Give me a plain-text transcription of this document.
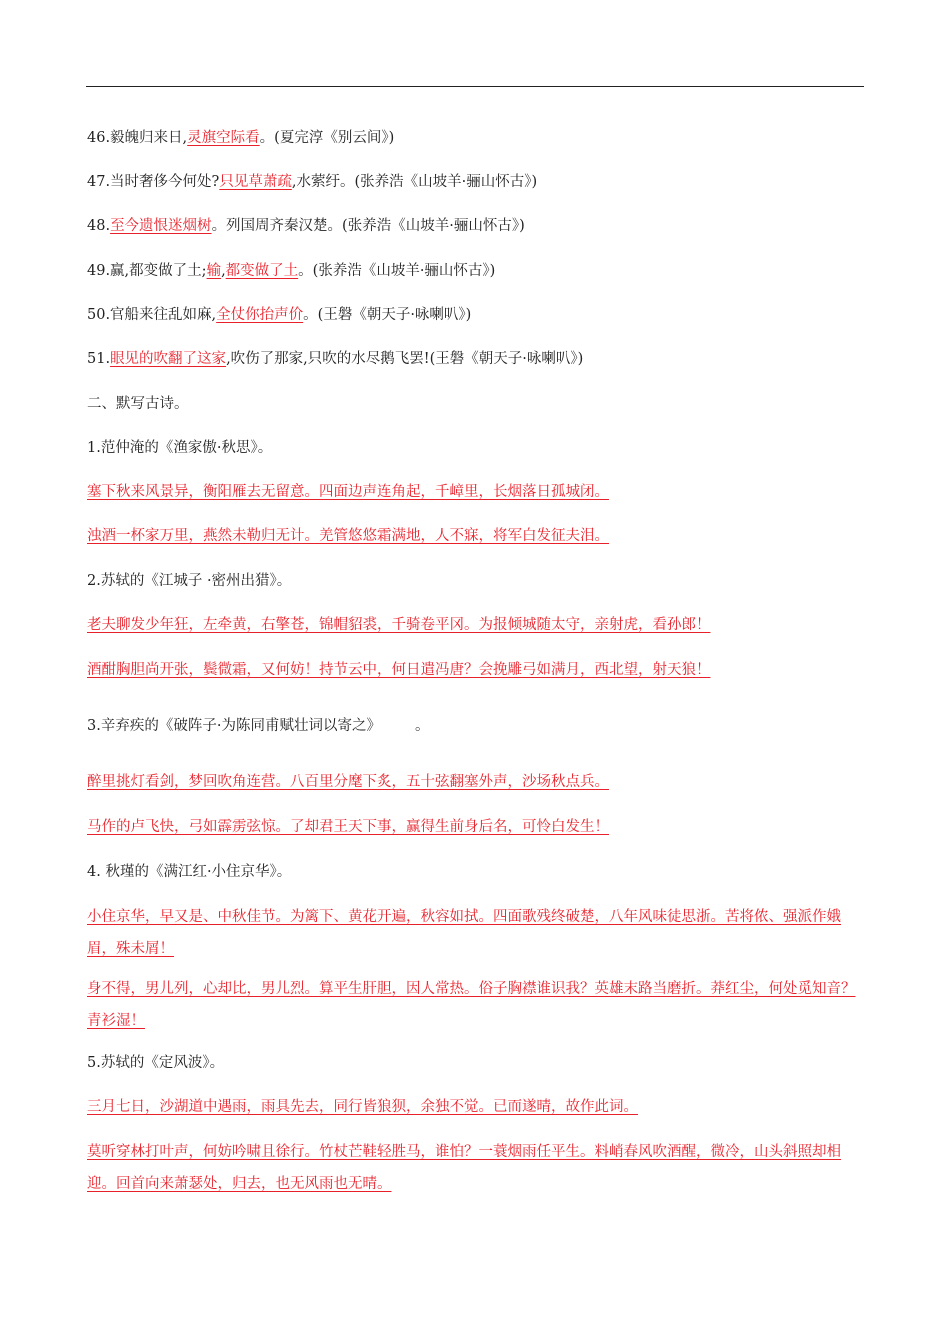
46.毅魄归来日,灵旗空际看。(夏完淳《别云间》)
47.当时奢侈今何处?只见草萧疏,水萦纡。(张养浩《山坡羊·骊山怀古》)
48.至今遗恨迷烟树。列国周齐秦汉楚。(张养浩《山坡羊·骊山怀古》)
49.赢,都变做了土;输,都变做了土。(张养浩《山坡羊·骊山怀古》)
50.官船来往乱如麻,全仗你抬声价。(王磐《朝天子·咏喇叭》)
51.眼见的吹翻了这家,吹伤了那家,只吹的水尽鹅飞罢!(王磐《朝天子·咏喇叭》)
二、默写古诗。
1.范仲淹的《渔家傲·秋思》。
塞下秋来风景异，衡阳雁去无留意。四面边声连角起，千嶂里，长烟落日孤城闭。
浊酒一杯家万里，燕然未勒归无计。羌管悠悠霜满地，人不寐，将军白发征夫泪。
2.苏轼的《江城子 ·密州出猎》。
老夫聊发少年狂，左牵黄，右擎苍，锦帽貂裘，千骑卷平冈。为报倾城随太守，亲射虎，看孙郎！
酒酣胸胆尚开张，鬓微霜，又何妨！持节云中，何日遣冯唐？会挽雕弓如满月，西北望，射天狼！
3.辛弃疾的《破阵子·为陈同甫赋壮词以寄之》 。
醉里挑灯看剑，梦回吹角连营。八百里分麾下炙，五十弦翻塞外声，沙场秋点兵。
马作的卢飞快，弓如霹雳弦惊。了却君王天下事，赢得生前身后名，可怜白发生！
4. 秋瑾的《满江红·小住京华》。
小住京华，早又是、中秋佳节。为篱下、黄花开遍，秋容如拭。四面歌残终破楚，八年风味徒思浙。苦将侬、强派作娥眉，殊未屑！
身不得，男儿列，心却比，男儿烈。算平生肝胆，因人常热。俗子胸襟谁识我？英雄末路当磨折。莽红尘，何处觅知音？青衫湿！
5.苏轼的《定风波》。
三月七日，沙湖道中遇雨，雨具先去，同行皆狼狈，余独不觉。已而遂晴，故作此词。
莫听穿林打叶声，何妨吟啸且徐行。竹杖芒鞋轻胜马，谁怕？一蓑烟雨任平生。料峭春风吹酒醒，微冷，山头斜照却相迎。回首向来萧瑟处，归去，也无风雨也无晴。
